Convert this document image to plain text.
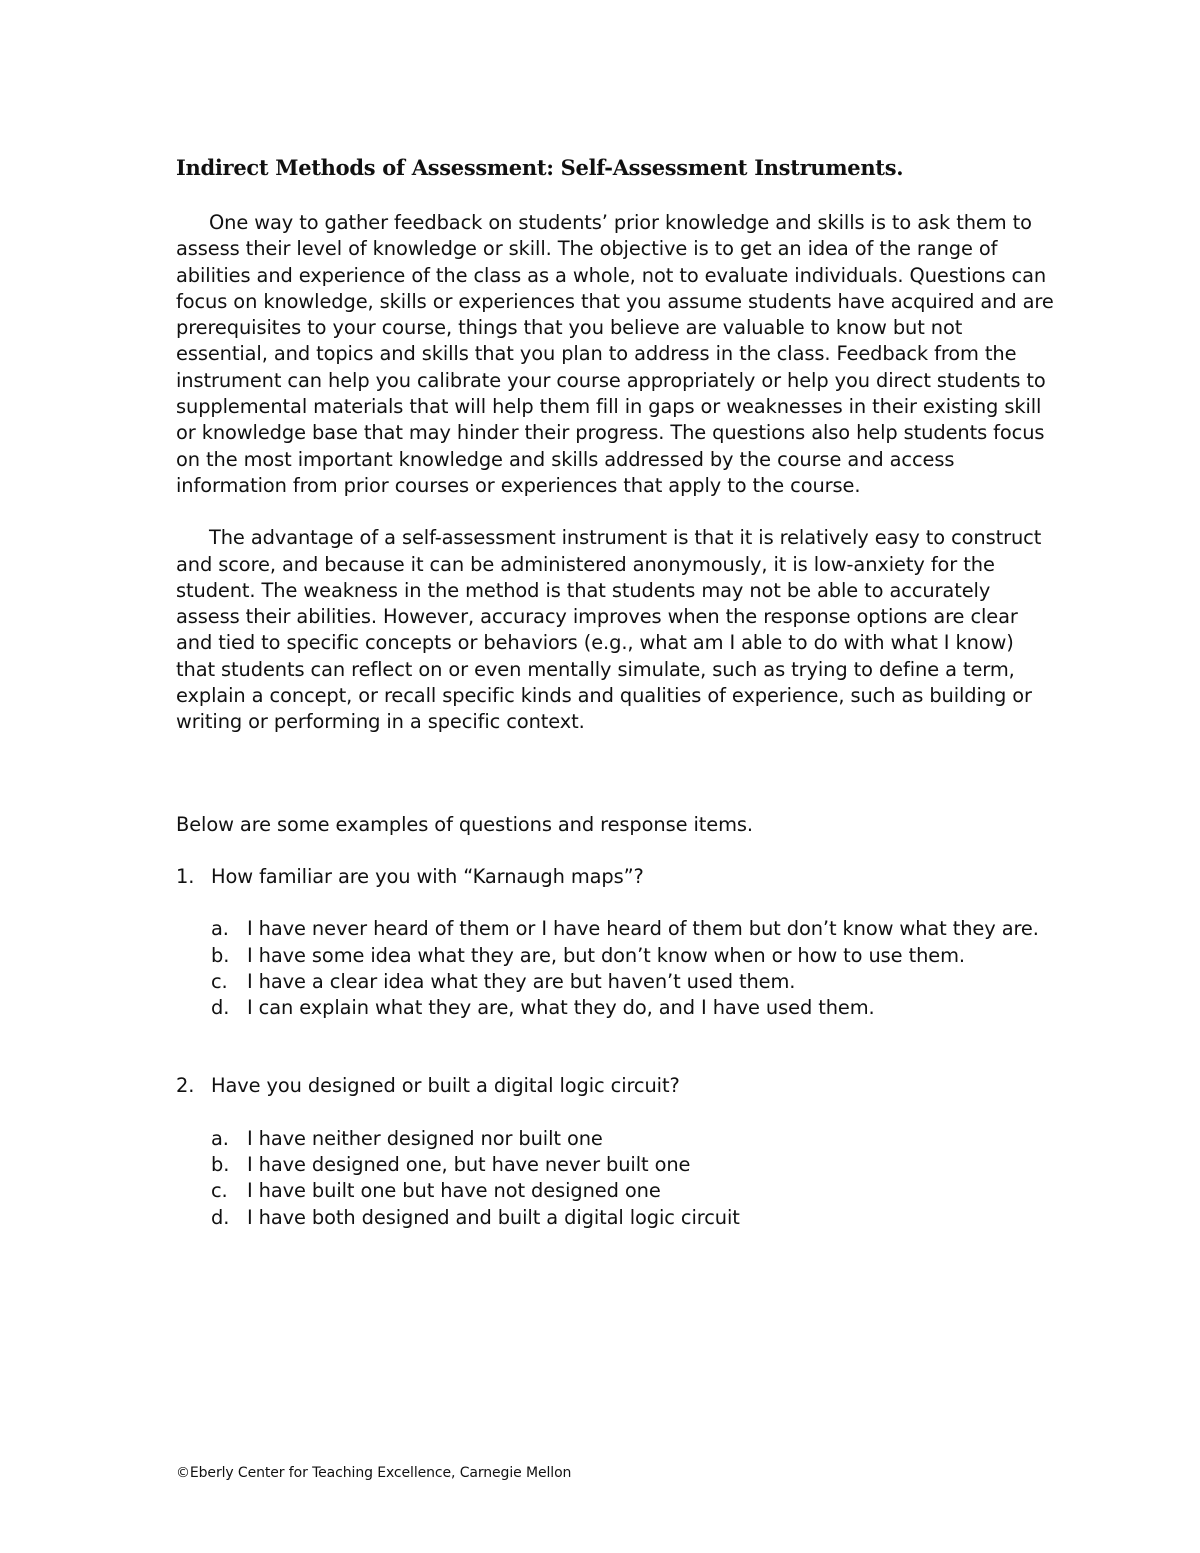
Indirect Methods of Assessment: Self-Assessment Instruments.

One way to gather feedback on students’ prior knowledge and skills is to ask them to assess their level of knowledge or skill. The objective is to get an idea of the range of abilities and experience of the class as a whole, not to evaluate individuals. Questions can focus on knowledge, skills or experiences that you assume students have acquired and are prerequisites to your course, things that you believe are valuable to know but not essential, and topics and skills that you plan to address in the class. Feedback from the instrument can help you calibrate your course appropriately or help you direct students to supplemental materials that will help them fill in gaps or weaknesses in their existing skill or knowledge base that may hinder their progress. The questions also help students focus on the most important knowledge and skills addressed by the course and access information from prior courses or experiences that apply to the course.

The advantage of a self-assessment instrument is that it is relatively easy to construct and score, and because it can be administered anonymously, it is low-anxiety for the student. The weakness in the method is that students may not be able to accurately assess their abilities. However, accuracy improves when the response options are clear and tied to specific concepts or behaviors (e.g., what am I able to do with what I know) that students can reflect on or even mentally simulate, such as trying to define a term, explain a concept, or recall specific kinds and qualities of experience, such as building or writing or performing in a specific context.

Below are some examples of questions and response items.

1. How familiar are you with “Karnaugh maps”?
a. I have never heard of them or I have heard of them but don’t know what they are.
b. I have some idea what they are, but don’t know when or how to use them.
c. I have a clear idea what they are but haven’t used them.
d. I can explain what they are, what they do, and I have used them.
2. Have you designed or built a digital logic circuit?
a. I have neither designed nor built one
b. I have designed one, but have never built one
c. I have built one but have not designed one
d. I have both designed and built a digital logic circuit
©Eberly Center for Teaching Excellence, Carnegie Mellon
